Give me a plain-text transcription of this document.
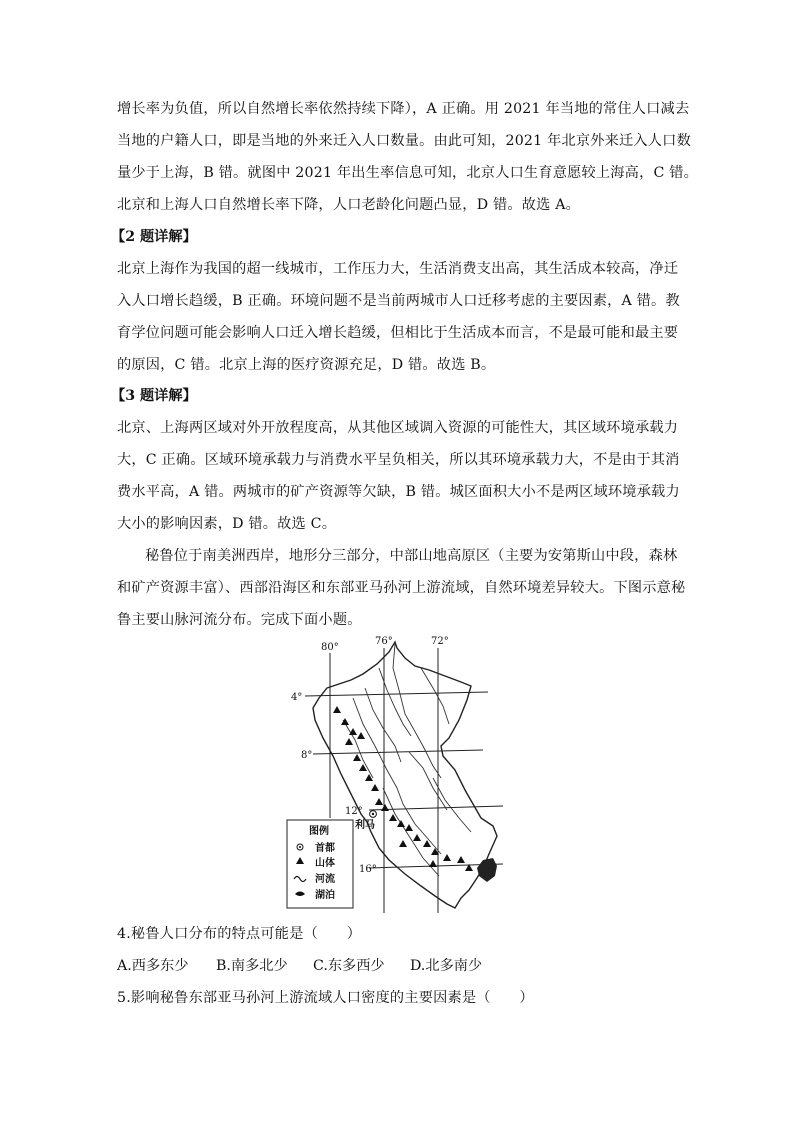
增长率为负值，所以自然增长率依然持续下降），A 正确。用 2021 年当地的常住人口减去
当地的户籍人口，即是当地的外来迁入人口数量。由此可知，2021 年北京外来迁入人口数
量少于上海，B 错。就图中 2021 年出生率信息可知，北京人口生育意愿较上海高，C 错。
北京和上海人口自然增长率下降，人口老龄化问题凸显，D 错。故选 A。
【2 题详解】
北京上海作为我国的超一线城市，工作压力大，生活消费支出高，其生活成本较高，净迁
入人口增长趋缓，B 正确。环境问题不是当前两城市人口迁移考虑的主要因素，A 错。教
育学位问题可能会影响人口迁入增长趋缓，但相比于生活成本而言，不是最可能和最主要
的原因，C 错。北京上海的医疗资源充足，D 错。故选 B。
【3 题详解】
北京、上海两区域对外开放程度高，从其他区域调入资源的可能性大，其区域环境承载力
大，C 正确。区域环境承载力与消费水平呈负相关，所以其环境承载力大，不是由于其消
费水平高，A 错。两城市的矿产资源等欠缺，B 错。城区面积大小不是两区域环境承载力
大小的影响因素，D 错。故选 C。
秘鲁位于南美洲西岸，地形分三部分，中部山地高原区（主要为安第斯山中段，森林
和矿产资源丰富）、西部沿海区和东部亚马孙河上游流域，自然环境差异较大。下图示意秘
鲁主要山脉河流分布。完成下面小题。
80°
76°	72°
4°
8°
12°
16°
利马
图例
首都
山体
河流
湖泊
4.秘鲁人口分布的特点可能是（　　）
A.西多东少 B.南多北少 C.东多西少 D.北多南少
5.影响秘鲁东部亚马孙河上游流域人口密度的主要因素是（　　）
